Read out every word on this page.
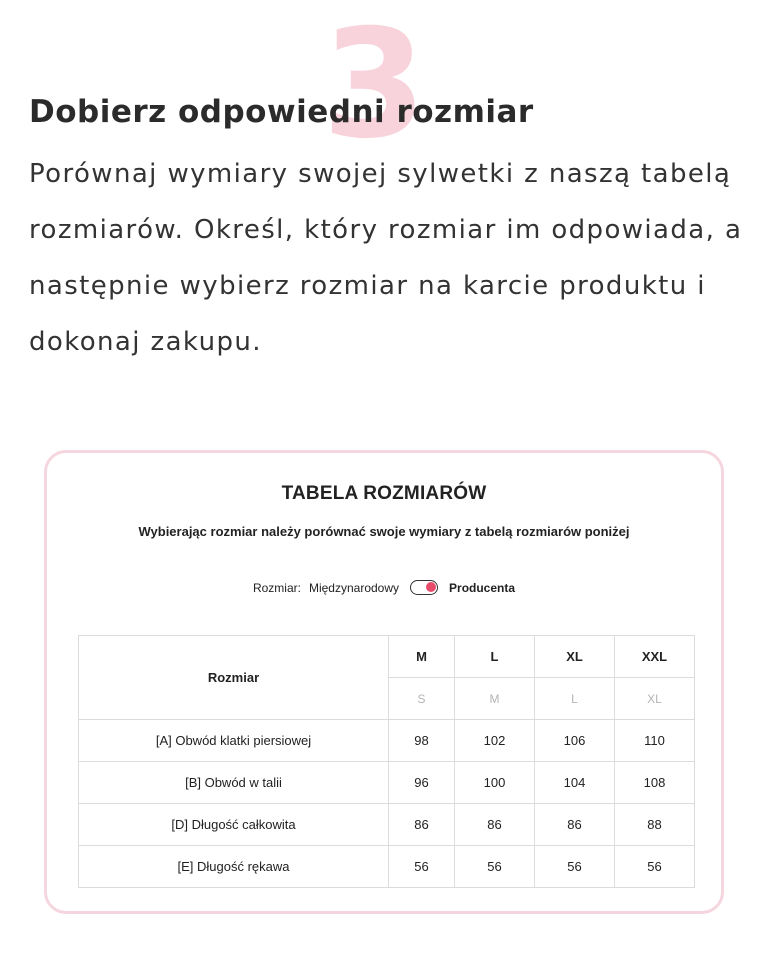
3
Dobierz odpowiedni rozmiar

Porównaj wymiary swojej sylwetki z naszą tabelą rozmiarów. Określ, który rozmiar im odpowiada, a następnie wybierz rozmiar na karcie produktu i dokonaj zakupu.

TABELA ROZMIARÓW
Wybierając rozmiar należy porównać swoje wymiary z tabelą rozmiarów poniżej
Rozmiar: Międzynarodowy	Producenta
Rozmiar	M	L	XL	XXL
	S	M	L	XL
[A] Obwód klatki piersiowej	98	102	106	110
[B] Obwód w talii	96	100	104	108
[D] Długość całkowita	86	86	86	88
[E] Długość rękawa	56	56	56	56
